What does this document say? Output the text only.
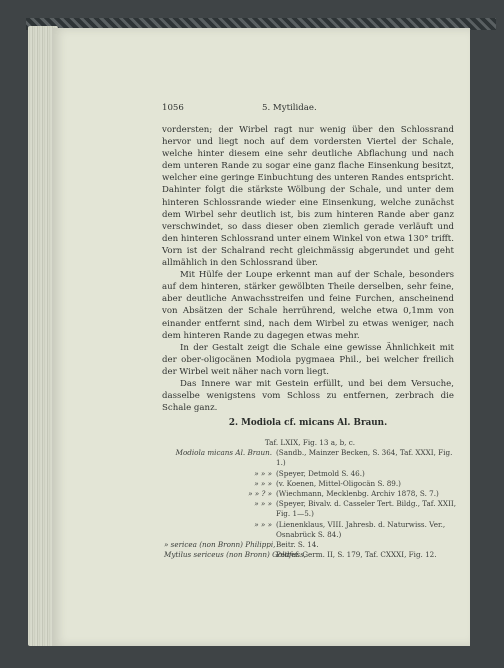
1056	5. Mytilidae.

vordersten; der Wirbel ragt nur wenig über den Schlossrand hervor und liegt noch auf dem vordersten Viertel der Schale, welche hinter diesem eine sehr deutliche Abflachung und nach dem unteren Rande zu sogar eine ganz flache Einsenkung besitzt, welcher eine geringe Einbuchtung des unteren Randes entspricht. Dahinter folgt die stärkste Wölbung der Schale, und unter dem hinteren Schlossrande wieder eine Einsenkung, welche zunächst dem Wirbel sehr deutlich ist, bis zum hinteren Rande aber ganz verschwindet, so dass dieser oben ziemlich gerade verläuft und den hinteren Schlossrand unter einem Winkel von etwa 130° trifft. Vorn ist der Schalrand recht gleichmässig abgerundet und geht allmählich in den Schlossrand über.

Mit Hülfe der Loupe erkennt man auf der Schale, besonders auf dem hinteren, stärker gewölbten Theile derselben, sehr feine, aber deutliche Anwachsstreifen und feine Furchen, anscheinend von Absätzen der Schale herrührend, welche etwa 0,1mm von einander entfernt sind, nach dem Wirbel zu etwas weniger, nach dem hinteren Rande zu dagegen etwas mehr.

In der Gestalt zeigt die Schale eine gewisse Ähnlichkeit mit der ober-oligocänen Modiola pygmaea Phil., bei welcher freilich der Wirbel weit näher nach vorn liegt.

Das Innere war mit Gestein erfüllt, und bei dem Versuche, dasselbe wenigstens vom Schloss zu entfernen, zerbrach die Schale ganz.

2. Modiola cf. micans Al. Braun.
Taf. LXIX, Fig. 13 a, b, c.
Modiola micans Al. Braun. (Sandb., Mainzer Becken, S. 364, Taf. XXXI, Fig. 1.)
» » » (Speyer, Detmold S. 46.)
» » » (v. Koenen, Mittel-Oligocän S. 89.)
» » ? » (Wiechmann, Mecklenbg. Archiv 1878, S. 7.)
» » » (Speyer, Bivalv. d. Casseler Tert. Bildg., Taf. XXII, Fig. 1—5.)
» » » (Lienenklaus, VIII. Jahresb. d. Naturwiss. Ver., Osnabrück S. 84.)
» sericea (non Bronn) Philippi, Beitr. S. 14.
Mytilus sericeus (non Bronn) Goldfuss,
Petref. Germ. II, S. 179, Taf. CXXXI, Fig. 12.
